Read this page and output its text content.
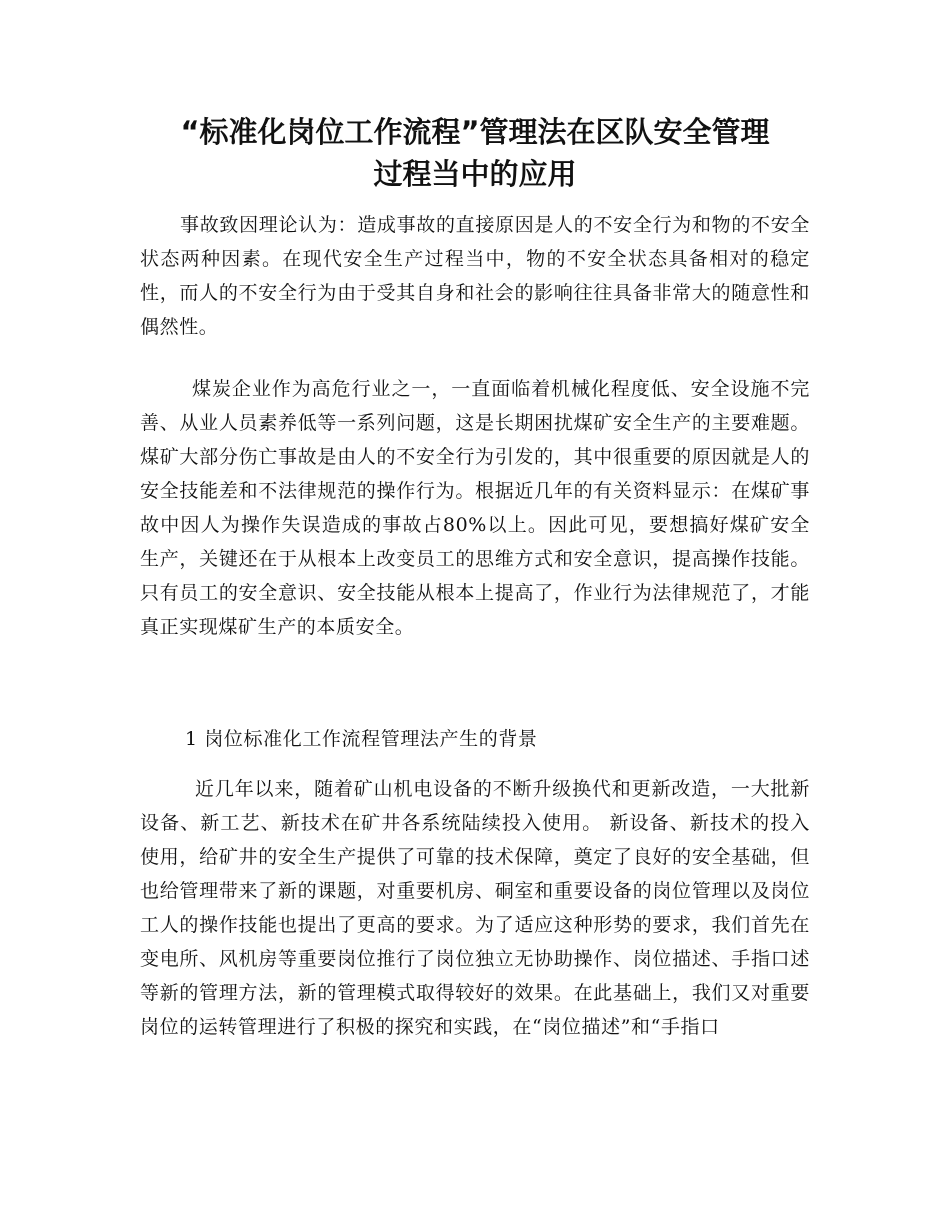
“标准化岗位工作流程”管理法在区队安全管理
过程当中的应用

事故致因理论认为：造成事故的直接原因是人的不安全行为和物的不安全状态两种因素。在现代安全生产过程当中，物的不安全状态具备相对的稳定性，而人的不安全行为由于受其自身和社会的影响往往具备非常大的随意性和偶然性。

煤炭企业作为高危行业之一，一直面临着机械化程度低、安全设施不完善、从业人员素养低等一系列问题，这是长期困扰煤矿安全生产的主要难题。煤矿大部分伤亡事故是由人的不安全行为引发的，其中很重要的原因就是人的安全技能差和不法律规范的操作行为。根据近几年的有关资料显示：在煤矿事故中因人为操作失误造成的事故占80%以上。因此可见，要想搞好煤矿安全生产，关键还在于从根本上改变员工的思维方式和安全意识，提高操作技能。只有员工的安全意识、安全技能从根本上提高了，作业行为法律规范了，才能真正实现煤矿生产的本质安全。

1 岗位标准化工作流程管理法产生的背景

近几年以来，随着矿山机电设备的不断升级换代和更新改造，一大批新设备、新工艺、新技术在矿井各系统陆续投入使用。 新设备、新技术的投入使用，给矿井的安全生产提供了可靠的技术保障，奠定了良好的安全基础，但也给管理带来了新的课题，对重要机房、硐室和重要设备的岗位管理以及岗位工人的操作技能也提出了更高的要求。为了适应这种形势的要求，我们首先在变电所、风机房等重要岗位推行了岗位独立无协助操作、岗位描述、手指口述等新的管理方法，新的管理模式取得较好的效果。在此基础上，我们又对重要岗位的运转管理进行了积极的探究和实践，在“岗位描述”和“手指口
